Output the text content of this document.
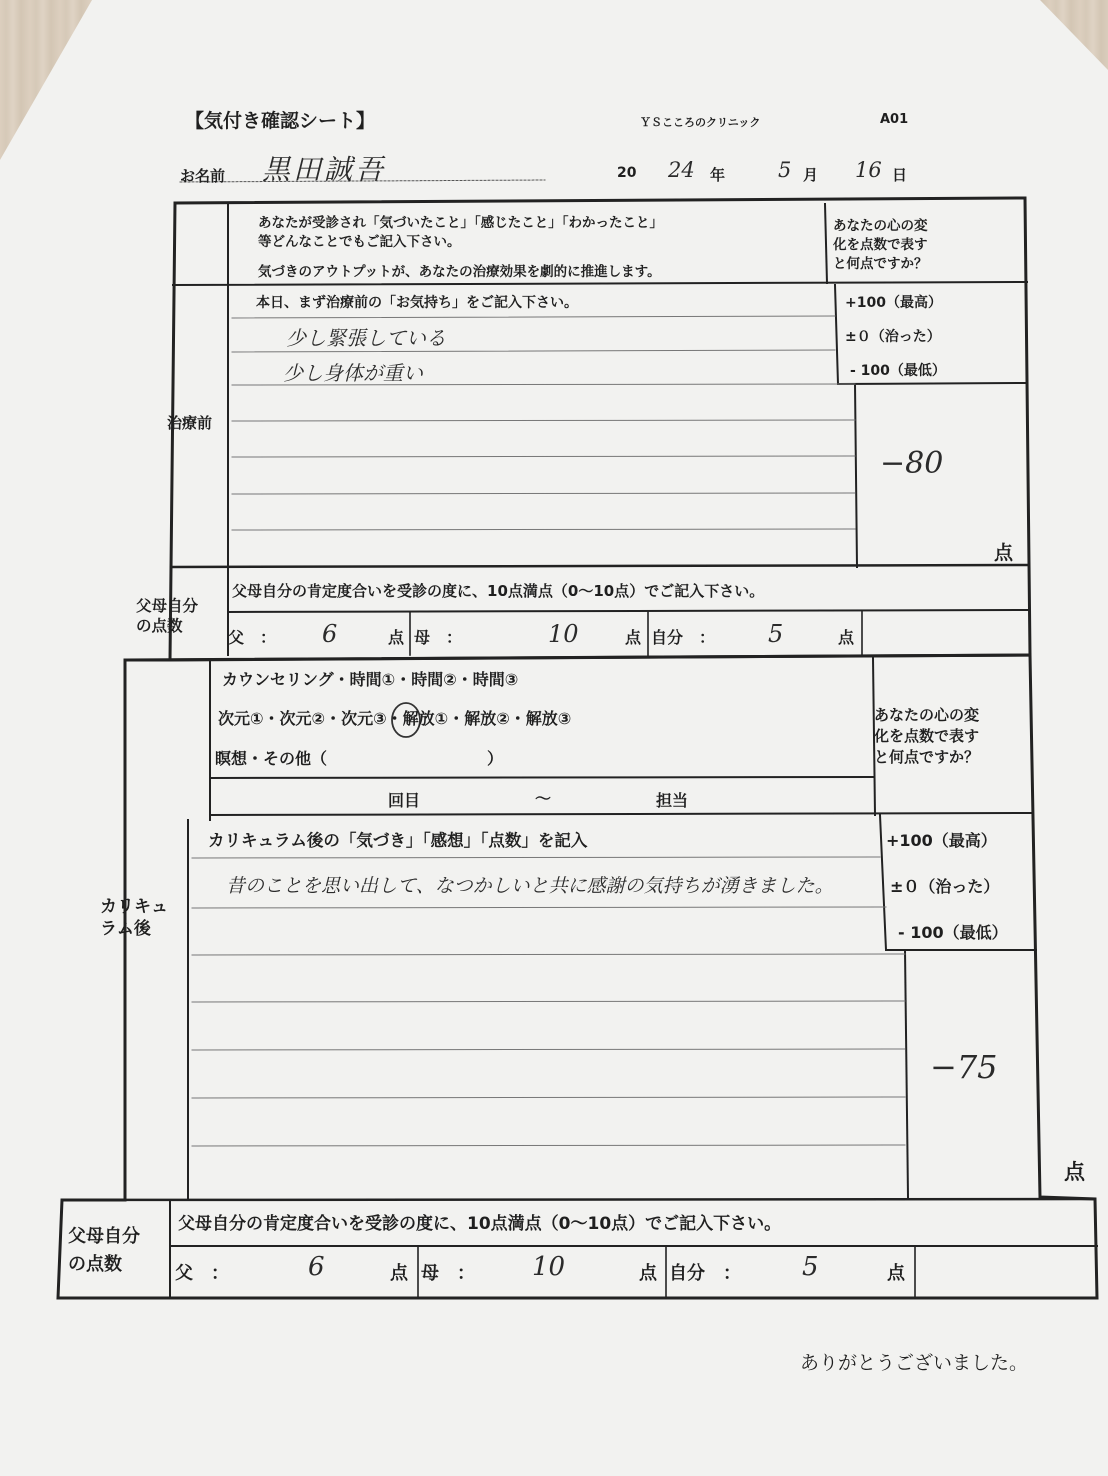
【気付き確認シート】	ＹＳこころのクリニック	A01
お名前 黒田誠吾	20 24 年	5 月 16 日
あなたが受診され「気づいたこと」「感じたこと」「わかったこと」
等どんなことでもご記入下さい。
気づきのアウトプットが、あなたの治療効果を劇的に推進します。
あなたの心の変
化を点数で表す
と何点ですか？
治療前
本日、まず治療前の「お気持ち」をご記入下さい。
少し緊張している
少し身体が重い
+100（最高）
±０（治った）
- 100（最低）
−80
点
父母自分
の点数
父母自分の肯定度合いを受診の度に、10点満点（0〜10点）でご記入下さい。
父　： 6	点 母　：	10	点 自分　： 5	点
カウンセリング・時間①・時間②・時間③
次元①・次元②・次元③・解放①・解放②・解放③
瞑想・その他（　　　　　　　　　　）
回目	〜	担当
あなたの心の変
化を点数で表す
と何点ですか？
カリキュ
ラム後
カリキュラム後の「気づき」「感想」「点数」を記入
昔のことを思い出して、なつかしいと共に感謝の気持ちが湧きました。
+100（最高）
±０（治った）
- 100（最低）
−75
点
父母自分
の点数
父母自分の肯定度合いを受診の度に、10点満点（0〜10点）でご記入下さい。
父　：	6	点 母　： 10	点 自分　： 5	点
ありがとうございました。
